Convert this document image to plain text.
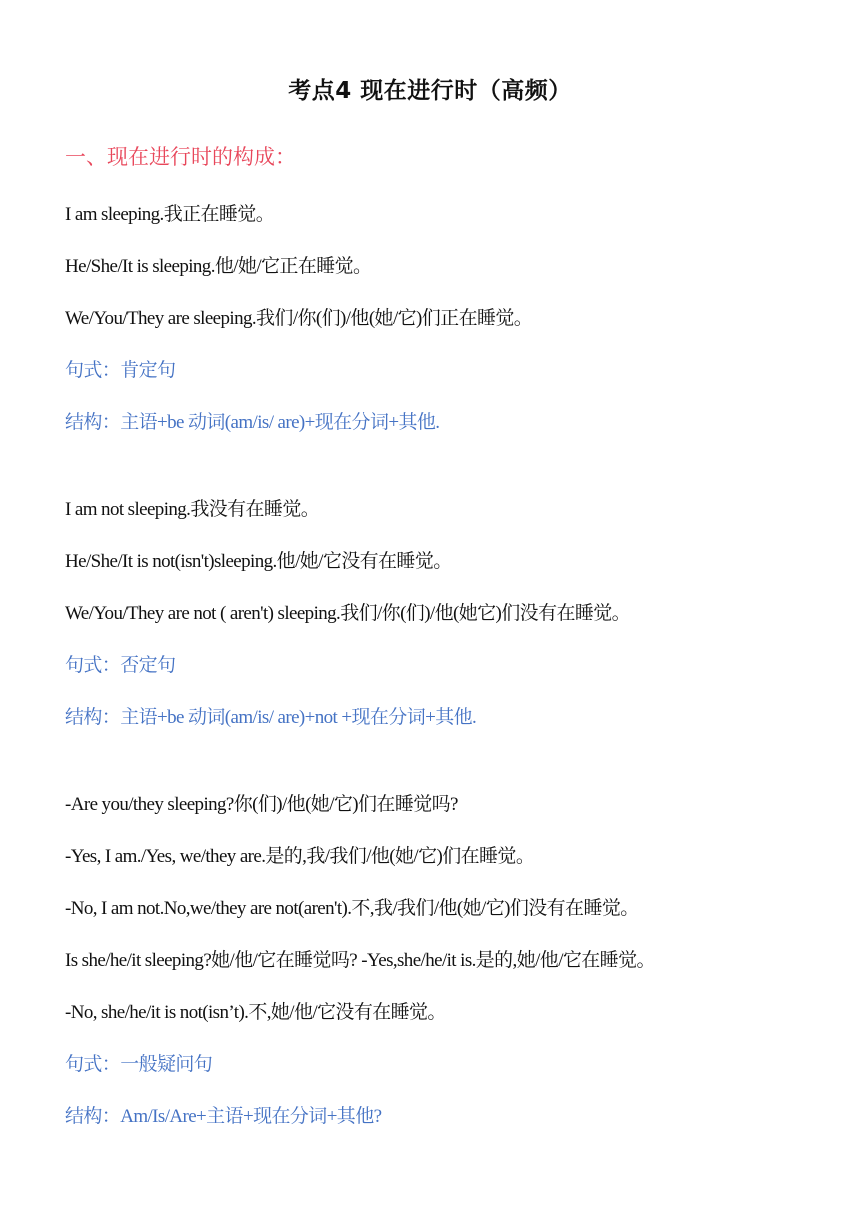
考点4 现在进行时（高频）
一、现在进行时的构成：
I am sleeping.我正在睡觉。
He/She/It is sleeping.他/她/它正在睡觉。
We/You/They are sleeping.我们/你(们)/他(她/它)们正在睡觉。
句式：肯定句
结构：主语+be 动词(am/is/ are)+现在分词+其他.
I am not sleeping.我没有在睡觉。
He/She/It is not(isn't)sleeping.他/她/它没有在睡觉。
We/You/They are not ( aren't) sleeping.我们/你(们)/他(她它)们没有在睡觉。
句式：否定句
结构：主语+be 动词(am/is/ are)+not +现在分词+其他.
-Are you/they sleeping?你(们)/他(她/它)们在睡觉吗?
-Yes, I am./Yes, we/they are.是的,我/我们/他(她/它)们在睡觉。
-No, I am not.No,we/they are not(aren't).不,我/我们/他(她/它)们没有在睡觉。
Is she/he/it sleeping?她/他/它在睡觉吗? -Yes,she/he/it is.是的,她/他/它在睡觉。
-No, she/he/it is not(isn’t).不,她/他/它没有在睡觉。
句式：一般疑问句
结构：Am/Is/Are+主语+现在分词+其他?
